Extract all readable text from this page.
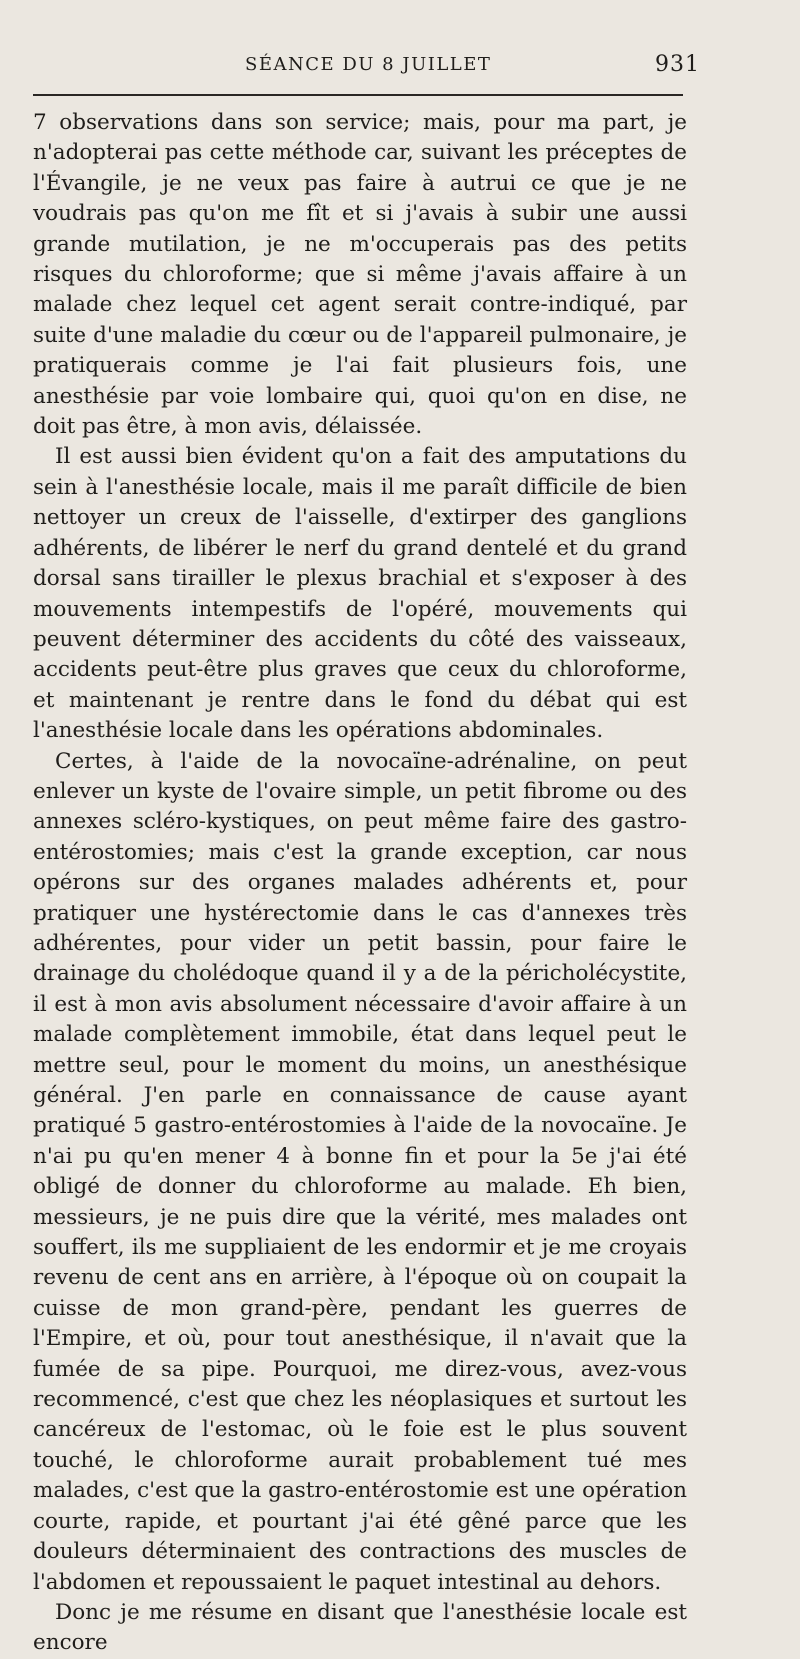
SÉANCE DU 8 JUILLET	931

7 observations dans son service; mais, pour ma part, je n'adopterai pas cette méthode car, suivant les préceptes de l'Évangile, je ne veux pas faire à autrui ce que je ne voudrais pas qu'on me fît et si j'avais à subir une aussi grande mutilation, je ne m'occuperais pas des petits risques du chloroforme; que si même j'avais affaire à un malade chez lequel cet agent serait contre-indiqué, par suite d'une maladie du cœur ou de l'appareil pulmonaire, je pratiquerais comme je l'ai fait plusieurs fois, une anesthésie par voie lombaire qui, quoi qu'on en dise, ne doit pas être, à mon avis, délaissée.

Il est aussi bien évident qu'on a fait des amputations du sein à l'anesthésie locale, mais il me paraît difficile de bien nettoyer un creux de l'aisselle, d'extirper des ganglions adhérents, de libérer le nerf du grand dentelé et du grand dorsal sans tirailler le plexus brachial et s'exposer à des mouvements intempestifs de l'opéré, mouvements qui peuvent déterminer des accidents du côté des vaisseaux, accidents peut-être plus graves que ceux du chloroforme, et maintenant je rentre dans le fond du débat qui est l'anesthésie locale dans les opérations abdominales.

Certes, à l'aide de la novocaïne-adrénaline, on peut enlever un kyste de l'ovaire simple, un petit fibrome ou des annexes scléro-kystiques, on peut même faire des gastro-entérostomies; mais c'est la grande exception, car nous opérons sur des organes malades adhérents et, pour pratiquer une hystérectomie dans le cas d'annexes très adhérentes, pour vider un petit bassin, pour faire le drainage du cholédoque quand il y a de la péricholécystite, il est à mon avis absolument nécessaire d'avoir affaire à un malade complètement immobile, état dans lequel peut le mettre seul, pour le moment du moins, un anesthésique général. J'en parle en connaissance de cause ayant pratiqué 5 gastro-entérostomies à l'aide de la novocaïne. Je n'ai pu qu'en mener 4 à bonne fin et pour la 5e j'ai été obligé de donner du chloroforme au malade. Eh bien, messieurs, je ne puis dire que la vérité, mes malades ont souffert, ils me suppliaient de les endormir et je me croyais revenu de cent ans en arrière, à l'époque où on coupait la cuisse de mon grand-père, pendant les guerres de l'Empire, et où, pour tout anesthésique, il n'avait que la fumée de sa pipe. Pourquoi, me direz-vous, avez-vous recommencé, c'est que chez les néoplasiques et surtout les cancéreux de l'estomac, où le foie est le plus souvent touché, le chloroforme aurait probablement tué mes malades, c'est que la gastro-entérostomie est une opération courte, rapide, et pourtant j'ai été gêné parce que les douleurs déterminaient des contractions des muscles de l'abdomen et repoussaient le paquet intestinal au dehors.

Donc je me résume en disant que l'anesthésie locale est encore
